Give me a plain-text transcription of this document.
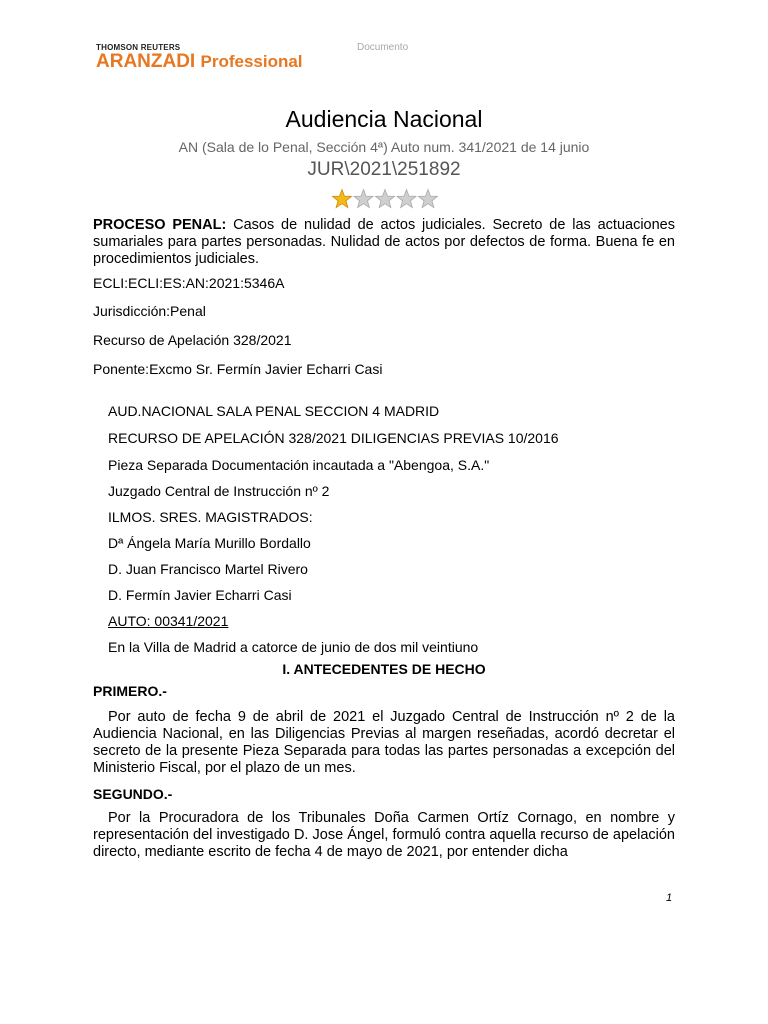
THOMSON REUTERS
ARANZADI Professional
Documento
Audiencia Nacional
AN (Sala de lo Penal, Sección 4ª) Auto num. 341/2021 de 14 junio
JUR\2021\251892
PROCESO PENAL: Casos de nulidad de actos judiciales. Secreto de las actuaciones sumariales para partes personadas. Nulidad de actos por defectos de forma. Buena fe en procedimientos judiciales.
ECLI:ECLI:ES:AN:2021:5346A
Jurisdicción:Penal
Recurso de Apelación 328/2021
Ponente:Excmo Sr. Fermín Javier Echarri Casi
AUD.NACIONAL SALA PENAL SECCION 4 MADRID
RECURSO DE APELACIÓN 328/2021 DILIGENCIAS PREVIAS 10/2016
Pieza Separada Documentación incautada a "Abengoa, S.A."
Juzgado Central de Instrucción nº 2
ILMOS. SRES. MAGISTRADOS:
Dª Ángela María Murillo Bordallo
D. Juan Francisco Martel Rivero
D. Fermín Javier Echarri Casi
AUTO: 00341/2021
En la Villa de Madrid a catorce de junio de dos mil veintiuno
I. ANTECEDENTES DE HECHO
PRIMERO.-
Por auto de fecha 9 de abril de 2021 el Juzgado Central de Instrucción nº 2 de la Audiencia Nacional, en las Diligencias Previas al margen reseñadas, acordó decretar el secreto de la presente Pieza Separada para todas las partes personadas a excepción del Ministerio Fiscal, por el plazo de un mes.
SEGUNDO.-
Por la Procuradora de los Tribunales Doña Carmen Ortíz Cornago, en nombre y representación del investigado D. Jose Ángel, formuló contra aquella recurso de apelación directo, mediante escrito de fecha 4 de mayo de 2021, por entender dicha
1
